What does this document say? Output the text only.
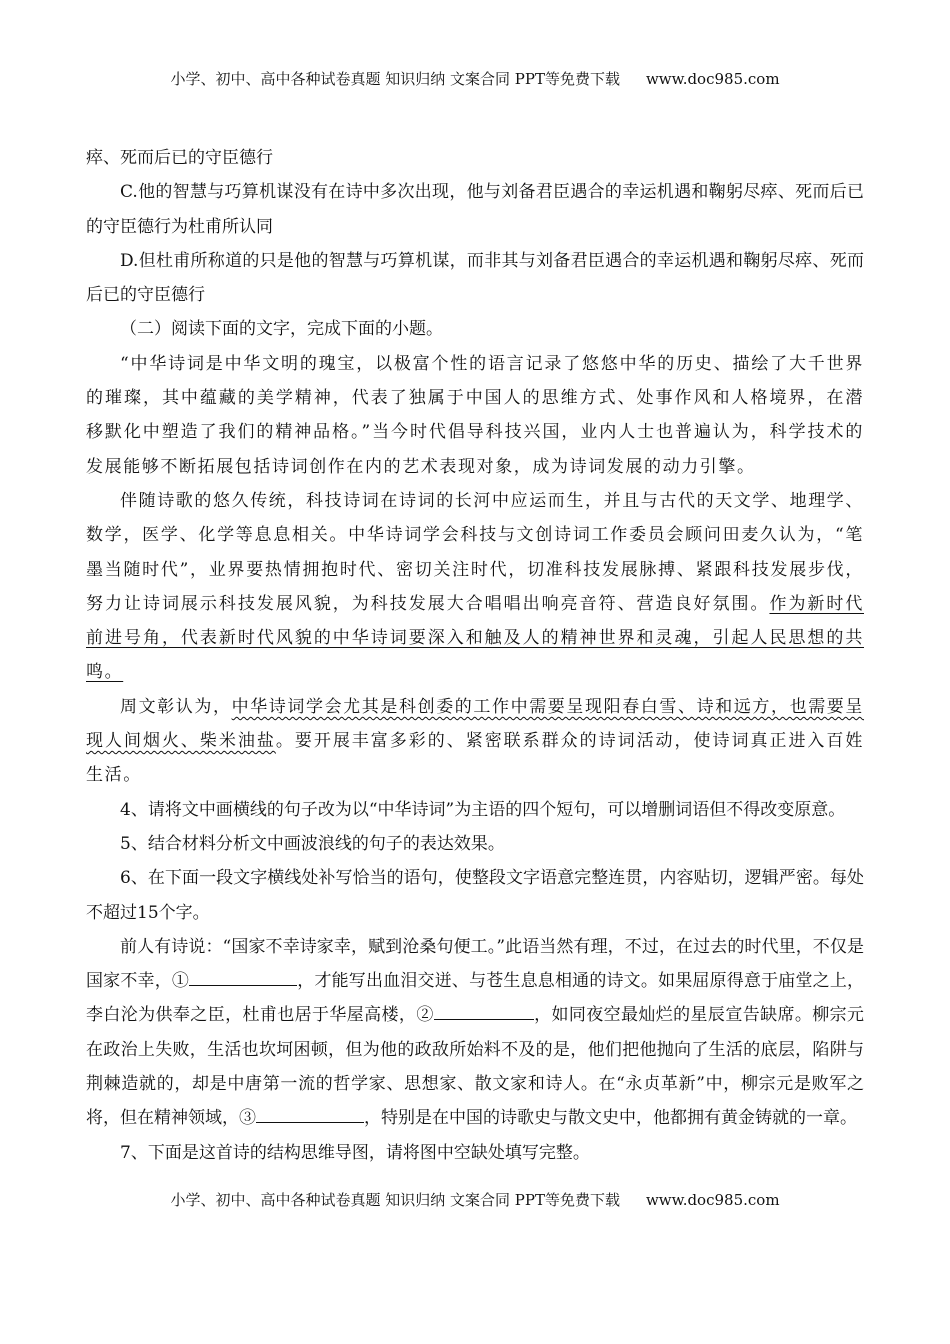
小学、初中、高中各种试卷真题 知识归纳 文案合同 PPT等免费下载 www.doc985.com

瘁、死而后已的守臣德行

C.他的智慧与巧算机谋没有在诗中多次出现，他与刘备君臣遇合的幸运机遇和鞠躬尽瘁、死而后已的守臣德行为杜甫所认同

D.但杜甫所称道的只是他的智慧与巧算机谋，而非其与刘备君臣遇合的幸运机遇和鞠躬尽瘁、死而后已的守臣德行

（二）阅读下面的文字，完成下面的小题。

“中华诗词是中华文明的瑰宝，以极富个性的语言记录了悠悠中华的历史、描绘了大千世界的璀璨，其中蕴藏的美学精神，代表了独属于中国人的思维方式、处事作风和人格境界，在潜移默化中塑造了我们的精神品格。”当今时代倡导科技兴国，业内人士也普遍认为，科学技术的发展能够不断拓展包括诗词创作在内的艺术表现对象，成为诗词发展的动力引擎。

伴随诗歌的悠久传统，科技诗词在诗词的长河中应运而生，并且与古代的天文学、地理学、数学，医学、化学等息息相关。中华诗词学会科技与文创诗词工作委员会顾问田麦久认为，“笔墨当随时代”，业界要热情拥抱时代、密切关注时代，切准科技发展脉搏、紧跟科技发展步伐，努力让诗词展示科技发展风貌，为科技发展大合唱唱出响亮音符、营造良好氛围。作为新时代前进号角，代表新时代风貌的中华诗词要深入和触及人的精神世界和灵魂，引起人民思想的共鸣。

周文彰认为，中华诗词学会尤其是科创委的工作中需要呈现阳春白雪、诗和远方，也需要呈现人间烟火、柴米油盐。要开展丰富多彩的、紧密联系群众的诗词活动，使诗词真正进入百姓生活。

4、请将文中画横线的句子改为以“中华诗词”为主语的四个短句，可以增删词语但不得改变原意。

5、结合材料分析文中画波浪线的句子的表达效果。

6、在下面一段文字横线处补写恰当的语句，使整段文字语意完整连贯，内容贴切，逻辑严密。每处不超过15个字。

前人有诗说：“国家不幸诗家幸，赋到沧桑句便工。”此语当然有理，不过，在过去的时代里，不仅是国家不幸，①	，才能写出血泪交迸、与苍生息息相通的诗文。如果屈原得意于庙堂之上，李白沦为供奉之臣，杜甫也居于华屋高楼，②	，如同夜空最灿烂的星辰宣告缺席。柳宗元在政治上失败，生活也坎坷困顿，但为他的政敌所始料不及的是，他们把他抛向了生活的底层，陷阱与荆棘造就的，却是中唐第一流的哲学家、思想家、散文家和诗人。在“永贞革新”中，柳宗元是败军之将，但在精神领域，③	，特别是在中国的诗歌史与散文史中，他都拥有黄金铸就的一章。

7、下面是这首诗的结构思维导图，请将图中空缺处填写完整。

小学、初中、高中各种试卷真题 知识归纳 文案合同 PPT等免费下载 www.doc985.com
